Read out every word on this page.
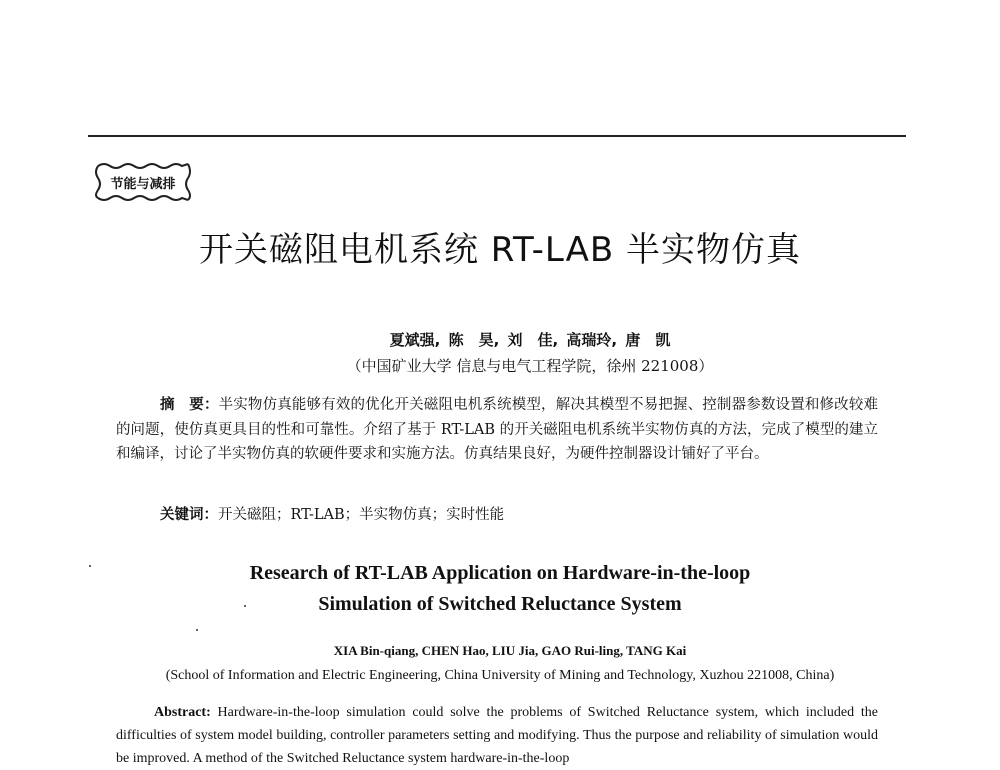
节能与减排
开关磁阻电机系统 RT-LAB 半实物仿真
夏斌强, 陈　昊, 刘　佳, 高瑞玲, 唐　凯
（中国矿业大学 信息与电气工程学院，徐州 221008）
摘　要：半实物仿真能够有效的优化开关磁阻电机系统模型，解决其模型不易把握、控制器参数设置和修改较难的问题，使仿真更具目的性和可靠性。介绍了基于 RT-LAB 的开关磁阻电机系统半实物仿真的方法，完成了模型的建立和编译，讨论了半实物仿真的软硬件要求和实施方法。仿真结果良好，为硬件控制器设计铺好了平台。
关键词：开关磁阻；RT-LAB；半实物仿真；实时性能
Research of RT-LAB Application on Hardware-in-the-loop
Simulation of Switched Reluctance System
XIA Bin-qiang, CHEN Hao, LIU Jia, GAO Rui-ling, TANG Kai
(School of Information and Electric Engineering, China University of Mining and Technology, Xuzhou 221008, China)
Abstract: Hardware-in-the-loop simulation could solve the problems of Switched Reluctance system, which included the difficulties of system model building, controller parameters setting and modifying. Thus the purpose and reliability of simulation would be improved. A method of the Switched Reluctance system hardware-in-the-loop
